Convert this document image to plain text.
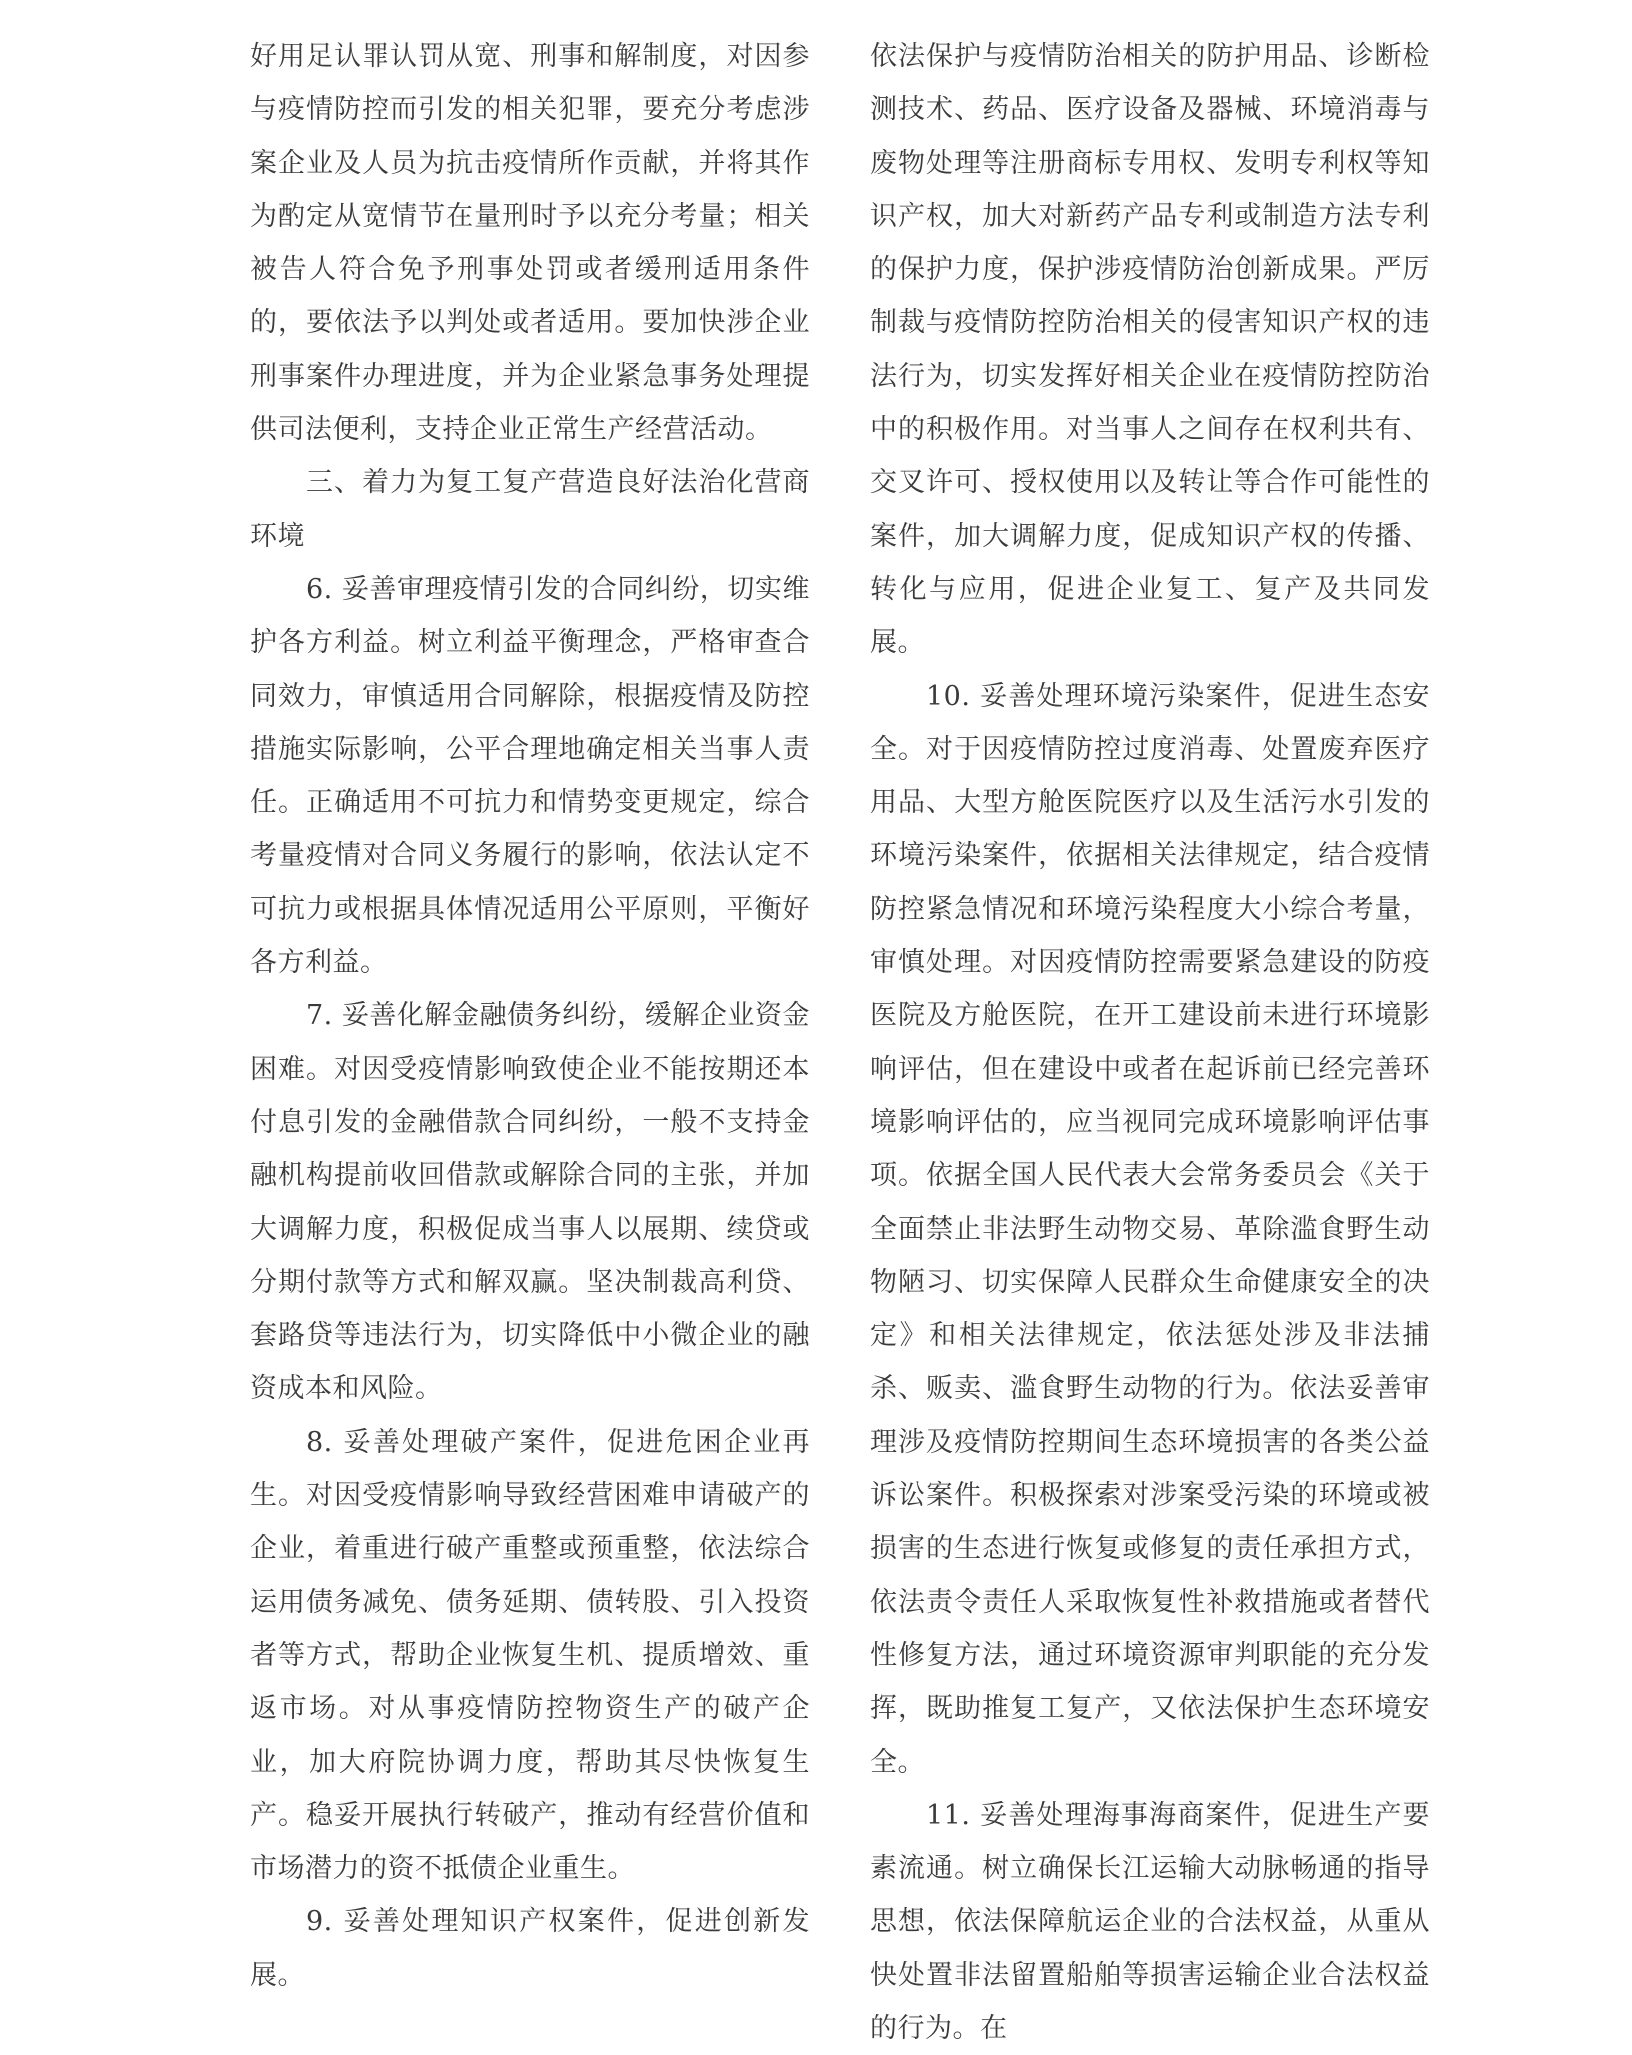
好用足认罪认罚从宽、刑事和解制度，对因参与疫情防控而引发的相关犯罪，要充分考虑涉案企业及人员为抗击疫情所作贡献，并将其作为酌定从宽情节在量刑时予以充分考量；相关被告人符合免予刑事处罚或者缓刑适用条件的，要依法予以判处或者适用。要加快涉企业刑事案件办理进度，并为企业紧急事务处理提供司法便利，支持企业正常生产经营活动。

三、着力为复工复产营造良好法治化营商环境

6. 妥善审理疫情引发的合同纠纷，切实维护各方利益。树立利益平衡理念，严格审查合同效力，审慎适用合同解除，根据疫情及防控措施实际影响，公平合理地确定相关当事人责任。正确适用不可抗力和情势变更规定，综合考量疫情对合同义务履行的影响，依法认定不可抗力或根据具体情况适用公平原则，平衡好各方利益。

7. 妥善化解金融债务纠纷，缓解企业资金困难。对因受疫情影响致使企业不能按期还本付息引发的金融借款合同纠纷，一般不支持金融机构提前收回借款或解除合同的主张，并加大调解力度，积极促成当事人以展期、续贷或分期付款等方式和解双赢。坚决制裁高利贷、套路贷等违法行为，切实降低中小微企业的融资成本和风险。

8. 妥善处理破产案件，促进危困企业再生。对因受疫情影响导致经营困难申请破产的企业，着重进行破产重整或预重整，依法综合运用债务减免、债务延期、债转股、引入投资者等方式，帮助企业恢复生机、提质增效、重返市场。对从事疫情防控物资生产的破产企业，加大府院协调力度，帮助其尽快恢复生产。稳妥开展执行转破产，推动有经营价值和市场潜力的资不抵债企业重生。

9. 妥善处理知识产权案件，促进创新发展。

依法保护与疫情防治相关的防护用品、诊断检测技术、药品、医疗设备及器械、环境消毒与废物处理等注册商标专用权、发明专利权等知识产权，加大对新药产品专利或制造方法专利的保护力度，保护涉疫情防治创新成果。严厉制裁与疫情防控防治相关的侵害知识产权的违法行为，切实发挥好相关企业在疫情防控防治中的积极作用。对当事人之间存在权利共有、交叉许可、授权使用以及转让等合作可能性的案件，加大调解力度，促成知识产权的传播、转化与应用，促进企业复工、复产及共同发展。

10. 妥善处理环境污染案件，促进生态安全。对于因疫情防控过度消毒、处置废弃医疗用品、大型方舱医院医疗以及生活污水引发的环境污染案件，依据相关法律规定，结合疫情防控紧急情况和环境污染程度大小综合考量，审慎处理。对因疫情防控需要紧急建设的防疫医院及方舱医院，在开工建设前未进行环境影响评估，但在建设中或者在起诉前已经完善环境影响评估的，应当视同完成环境影响评估事项。依据全国人民代表大会常务委员会《关于全面禁止非法野生动物交易、革除滥食野生动物陋习、切实保障人民群众生命健康安全的决定》和相关法律规定，依法惩处涉及非法捕杀、贩卖、滥食野生动物的行为。依法妥善审理涉及疫情防控期间生态环境损害的各类公益诉讼案件。积极探索对涉案受污染的环境或被损害的生态进行恢复或修复的责任承担方式，依法责令责任人采取恢复性补救措施或者替代性修复方法，通过环境资源审判职能的充分发挥，既助推复工复产，又依法保护生态环境安全。

11. 妥善处理海事海商案件，促进生产要素流通。树立确保长江运输大动脉畅通的指导思想，依法保障航运企业的合法权益，从重从快处置非法留置船舶等损害运输企业合法权益的行为。在
